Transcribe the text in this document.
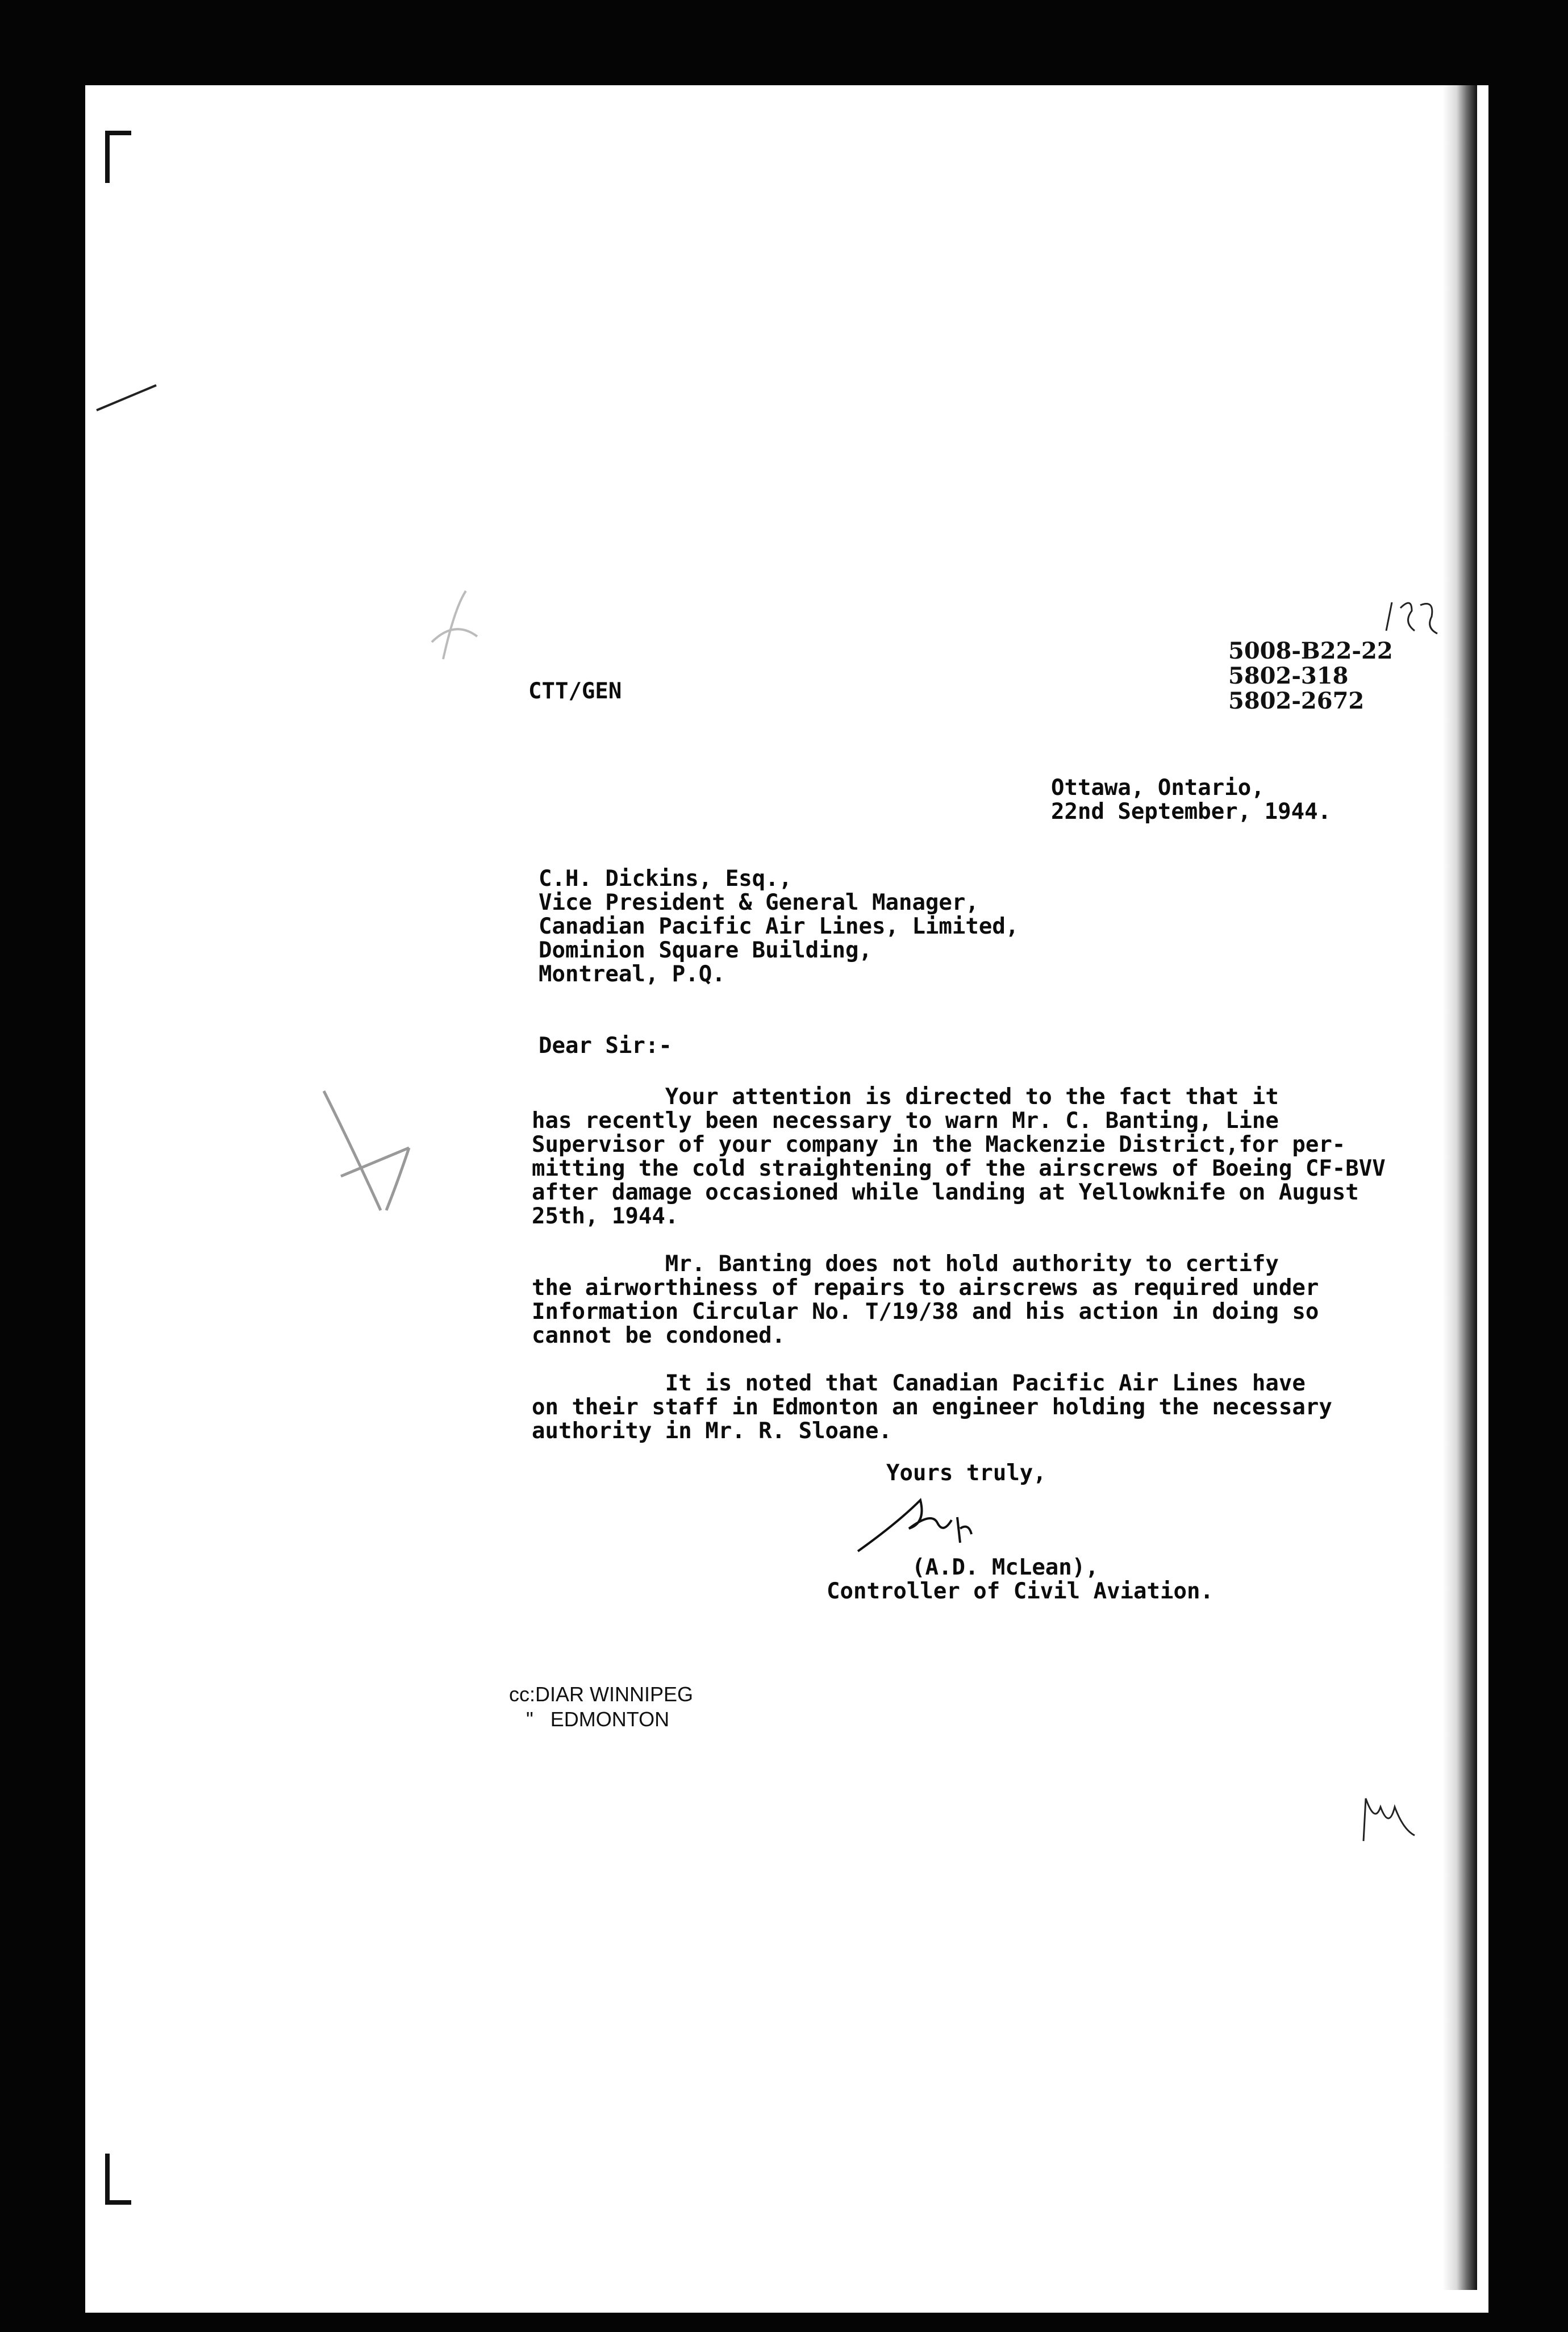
5008-B22-22
5802-318
5802-2672
CTT/GEN
Ottawa, Ontario,
22nd September, 1944.
C.H. Dickins, Esq.,
Vice President & General Manager,
Canadian Pacific Air Lines, Limited,
Dominion Square Building,
Montreal, P.Q.
Dear Sir:-
Your attention is directed to the fact that it
has recently been necessary to warn Mr. C. Banting, Line
Supervisor of your company in the Mackenzie District,for per-
mitting the cold straightening of the airscrews of Boeing CF-BVV
after damage occasioned while landing at Yellowknife on August
25th, 1944.
Mr. Banting does not hold authority to certify
the airworthiness of repairs to airscrews as required under
Information Circular No. T/19/38 and his action in doing so
cannot be condoned.
It is noted that Canadian Pacific Air Lines have
on their staff in Edmonton an engineer holding the necessary
authority in Mr. R. Sloane.
Yours truly,
(A.D. McLean),
Controller of Civil Aviation.
cc:DIAR WINNIPEG
"   EDMONTON
